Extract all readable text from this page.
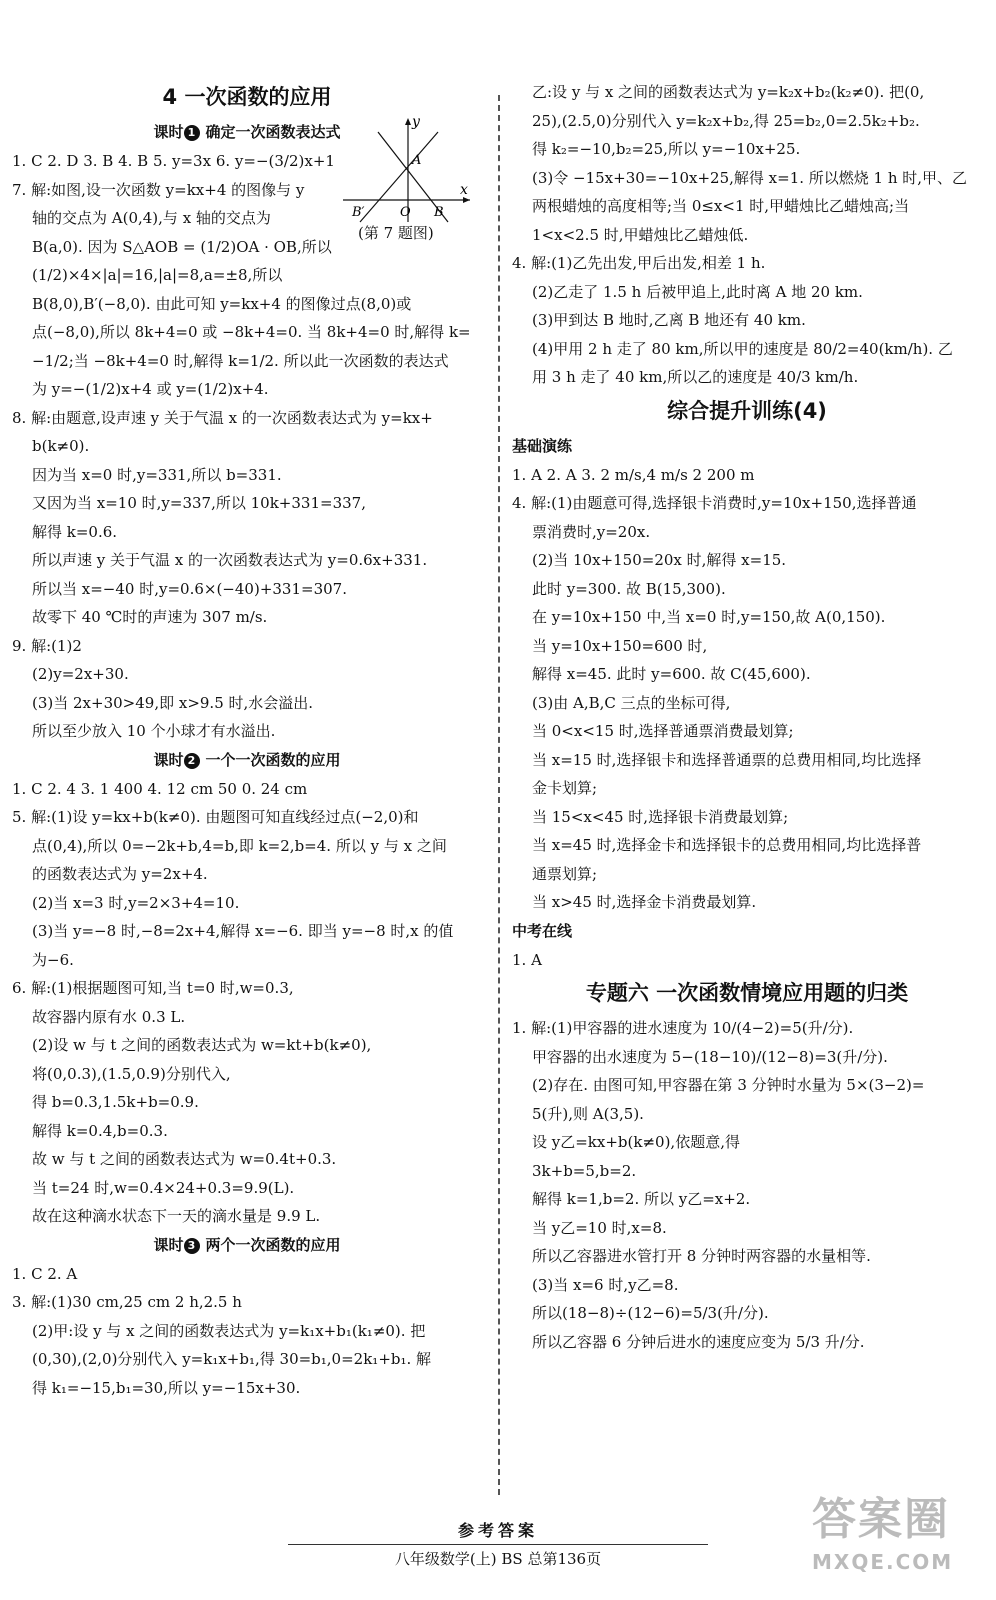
4 一次函数的应用
课时 1 确定一次函数表达式
1. C 2. D 3. B 4. B 5. y=3x 6. y=−(3/2)x+1
7. 解:如图,设一次函数 y=kx+4 的图像与 y
轴的交点为 A(0,4),与 x 轴的交点为
B(a,0). 因为 S△AOB = (1/2)OA · OB,所以
(1/2)×4×|a|=16,|a|=8,a=±8,所以
B(8,0),B′(−8,0). 由此可知 y=kx+4 的图像过点(8,0)或
点(−8,0),所以 8k+4=0 或 −8k+4=0. 当 8k+4=0 时,解得 k=
−1/2;当 −8k+4=0 时,解得 k=1/2. 所以此一次函数的表达式
为 y=−(1/2)x+4 或 y=(1/2)x+4.
8. 解:由题意,设声速 y 关于气温 x 的一次函数表达式为 y=kx+
b(k≠0).
因为当 x=0 时,y=331,所以 b=331.
又因为当 x=10 时,y=337,所以 10k+331=337,
解得 k=0.6.
所以声速 y 关于气温 x 的一次函数表达式为 y=0.6x+331.
所以当 x=−40 时,y=0.6×(−40)+331=307.
故零下 40 ℃时的声速为 307 m/s.
9. 解:(1)2
(2)y=2x+30.
(3)当 2x+30>49,即 x>9.5 时,水会溢出.
所以至少放入 10 个小球才有水溢出.
课时 2 一个一次函数的应用
1. C 2. 4 3. 1 400 4. 12 cm 50 0. 24 cm
5. 解:(1)设 y=kx+b(k≠0). 由题图可知直线经过点(−2,0)和
点(0,4),所以 0=−2k+b,4=b,即 k=2,b=4. 所以 y 与 x 之间
的函数表达式为 y=2x+4.
(2)当 x=3 时,y=2×3+4=10.
(3)当 y=−8 时,−8=2x+4,解得 x=−6. 即当 y=−8 时,x 的值
为−6.
6. 解:(1)根据题图可知,当 t=0 时,w=0.3,
故容器内原有水 0.3 L.
(2)设 w 与 t 之间的函数表达式为 w=kt+b(k≠0),
将(0,0.3),(1.5,0.9)分别代入,
得 b=0.3,1.5k+b=0.9.
解得 k=0.4,b=0.3.
故 w 与 t 之间的函数表达式为 w=0.4t+0.3.
当 t=24 时,w=0.4×24+0.3=9.9(L).
故在这种滴水状态下一天的滴水量是 9.9 L.
课时 3 两个一次函数的应用
1. C 2. A
3. 解:(1)30 cm,25 cm 2 h,2.5 h
(2)甲:设 y 与 x 之间的函数表达式为 y=k₁x+b₁(k₁≠0). 把
(0,30),(2,0)分别代入 y=k₁x+b₁,得 30=b₁,0=2k₁+b₁. 解
得 k₁=−15,b₁=30,所以 y=−15x+30.
y
x
A
O B
B′
(第 7 题图)
乙:设 y 与 x 之间的函数表达式为 y=k₂x+b₂(k₂≠0). 把(0,
25),(2.5,0)分别代入 y=k₂x+b₂,得 25=b₂,0=2.5k₂+b₂.
得 k₂=−10,b₂=25,所以 y=−10x+25.
(3)令 −15x+30=−10x+25,解得 x=1. 所以燃烧 1 h 时,甲、乙
两根蜡烛的高度相等;当 0≤x<1 时,甲蜡烛比乙蜡烛高;当
1<x<2.5 时,甲蜡烛比乙蜡烛低.
4. 解:(1)乙先出发,甲后出发,相差 1 h.
(2)乙走了 1.5 h 后被甲追上,此时离 A 地 20 km.
(3)甲到达 B 地时,乙离 B 地还有 40 km.
(4)甲用 2 h 走了 80 km,所以甲的速度是 80/2=40(km/h). 乙
用 3 h 走了 40 km,所以乙的速度是 40/3 km/h.
综合提升训练(4)
基础演练
1. A 2. A 3. 2 m/s,4 m/s 2 200 m
4. 解:(1)由题意可得,选择银卡消费时,y=10x+150,选择普通
票消费时,y=20x.
(2)当 10x+150=20x 时,解得 x=15.
此时 y=300. 故 B(15,300).
在 y=10x+150 中,当 x=0 时,y=150,故 A(0,150).
当 y=10x+150=600 时,
解得 x=45. 此时 y=600. 故 C(45,600).
(3)由 A,B,C 三点的坐标可得,
当 0<x<15 时,选择普通票消费最划算;
当 x=15 时,选择银卡和选择普通票的总费用相同,均比选择
金卡划算;
当 15<x<45 时,选择银卡消费最划算;
当 x=45 时,选择金卡和选择银卡的总费用相同,均比选择普
通票划算;
当 x>45 时,选择金卡消费最划算.
中考在线
1. A
专题六 一次函数情境应用题的归类
1. 解:(1)甲容器的进水速度为 10/(4−2)=5(升/分).
甲容器的出水速度为 5−(18−10)/(12−8)=3(升/分).
(2)存在. 由图可知,甲容器在第 3 分钟时水量为 5×(3−2)=
5(升),则 A(3,5).
设 y乙=kx+b(k≠0),依题意,得
3k+b=5,b=2.
解得 k=1,b=2. 所以 y乙=x+2.
当 y乙=10 时,x=8.
所以乙容器进水管打开 8 分钟时两容器的水量相等.
(3)当 x=6 时,y乙=8.
所以(18−8)÷(12−6)=5/3(升/分).
所以乙容器 6 分钟后进水的速度应变为 5/3 升/分.
参考答案
八年级数学(上) BS 总第136页
答案圈
MXQE.COM
